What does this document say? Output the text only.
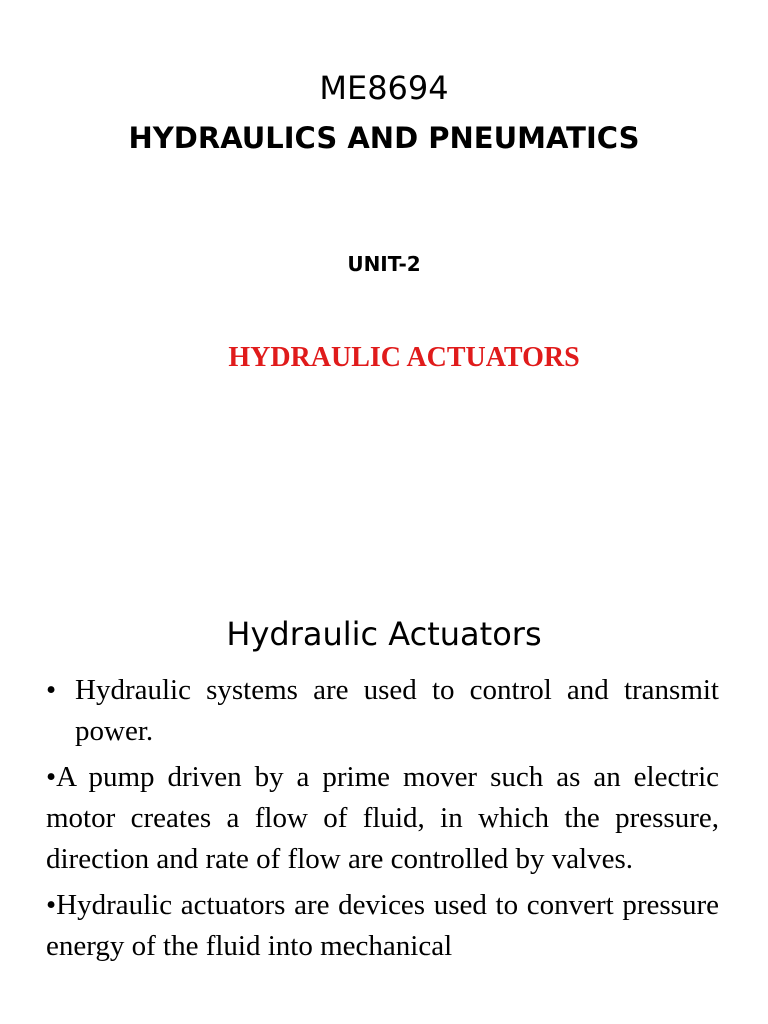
ME8694
HYDRAULICS AND PNEUMATICS
UNIT-2
HYDRAULIC ACTUATORS
Hydraulic Actuators
• Hydraulic systems are used to control and transmit power.
•A pump driven by a prime mover such as an electric motor creates a flow of fluid, in which the pressure, direction and rate of flow are controlled by valves.
•Hydraulic actuators are devices used to convert pressure energy of the fluid into mechanical
